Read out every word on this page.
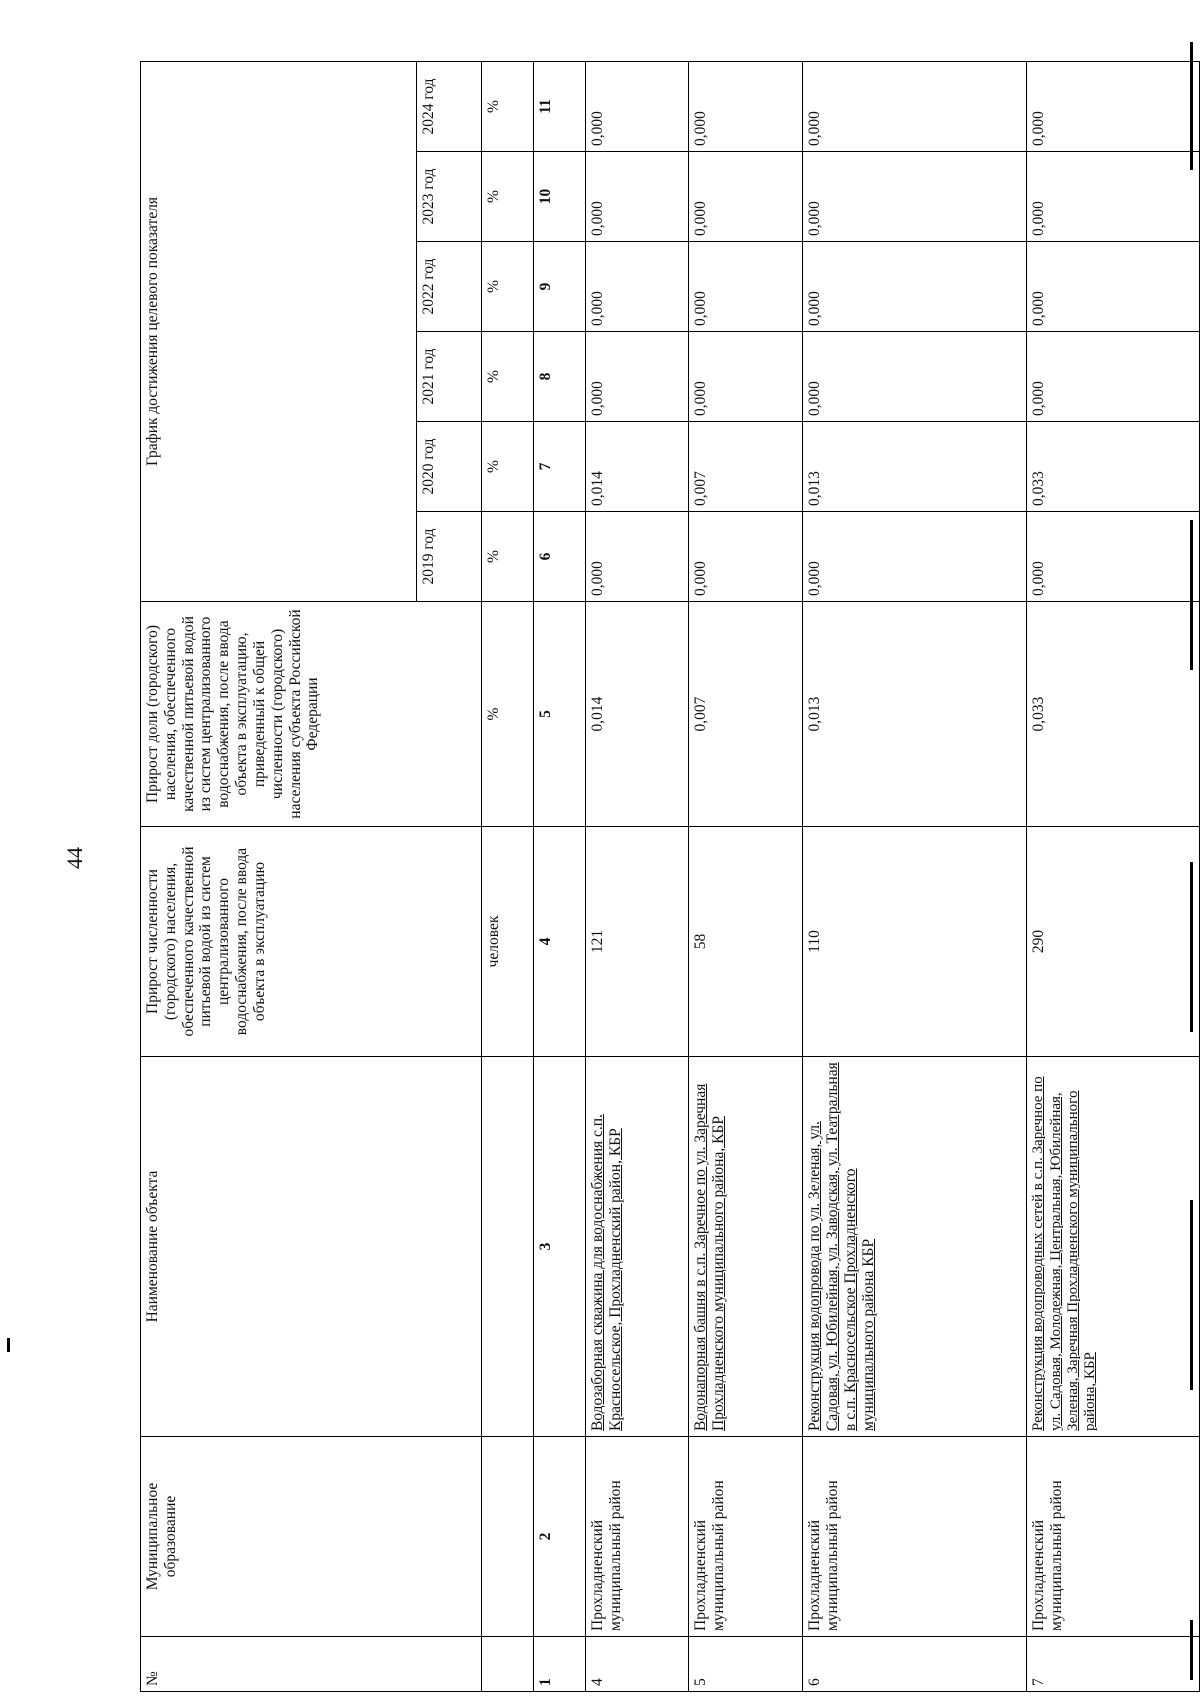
44
№	Муниципальное образование	Наименование объекта	Прирост численности (городского) населения, обеспеченного качественной питьевой водой из систем централизованного водоснабжения, после ввода объекта в эксплуатацию	Прирост доли (городского) населения, обеспеченного качественной питьевой водой из систем централизованного водоснабжения, после ввода объекта в эксплуатацию, приведенный к общей численности (городского) населения субъекта Российской Федерации	График достижения целевого показателя					
					2019 год	2020 год	2021 год	2022 год	2023 год	2024 год
			человек	%	%	%	%	%	%	%
1	2	3	4	5	6	7	8	9	10	11
4	Прохладненский муниципальный район	Водозаборная скважина для водоснабжения с.п. Красносельское, Прохладненский район, КБР	121	0,014	0,000	0,014	0,000	0,000	0,000	0,000
5	Прохладненский муниципальный район	Водонапорная башня в с.п. Заречное по ул. Заречная Прохладненского муниципального района, КБР	58	0,007	0,000	0,007	0,000	0,000	0,000	0,000
6	Прохладненский муниципальный район	Реконструкция водопровода по ул. Зеленая, ул. Садовая, ул. Юбилейная, ул. Заводская, ул. Театральная в с.п. Красносельское Прохладненского муниципального района КБР	110	0,013	0,000	0,013	0,000	0,000	0,000	0,000
7	Прохладненский муниципальный район	Реконструкция водопроводных сетей в с.п. Заречное по ул. Садовая, Молодежная, Центральная, Юбилейная, Зеленая, Заречная Прохладненского муниципального района, КБР	290	0,033	0,000	0,033	0,000	0,000	0,000	0,000
